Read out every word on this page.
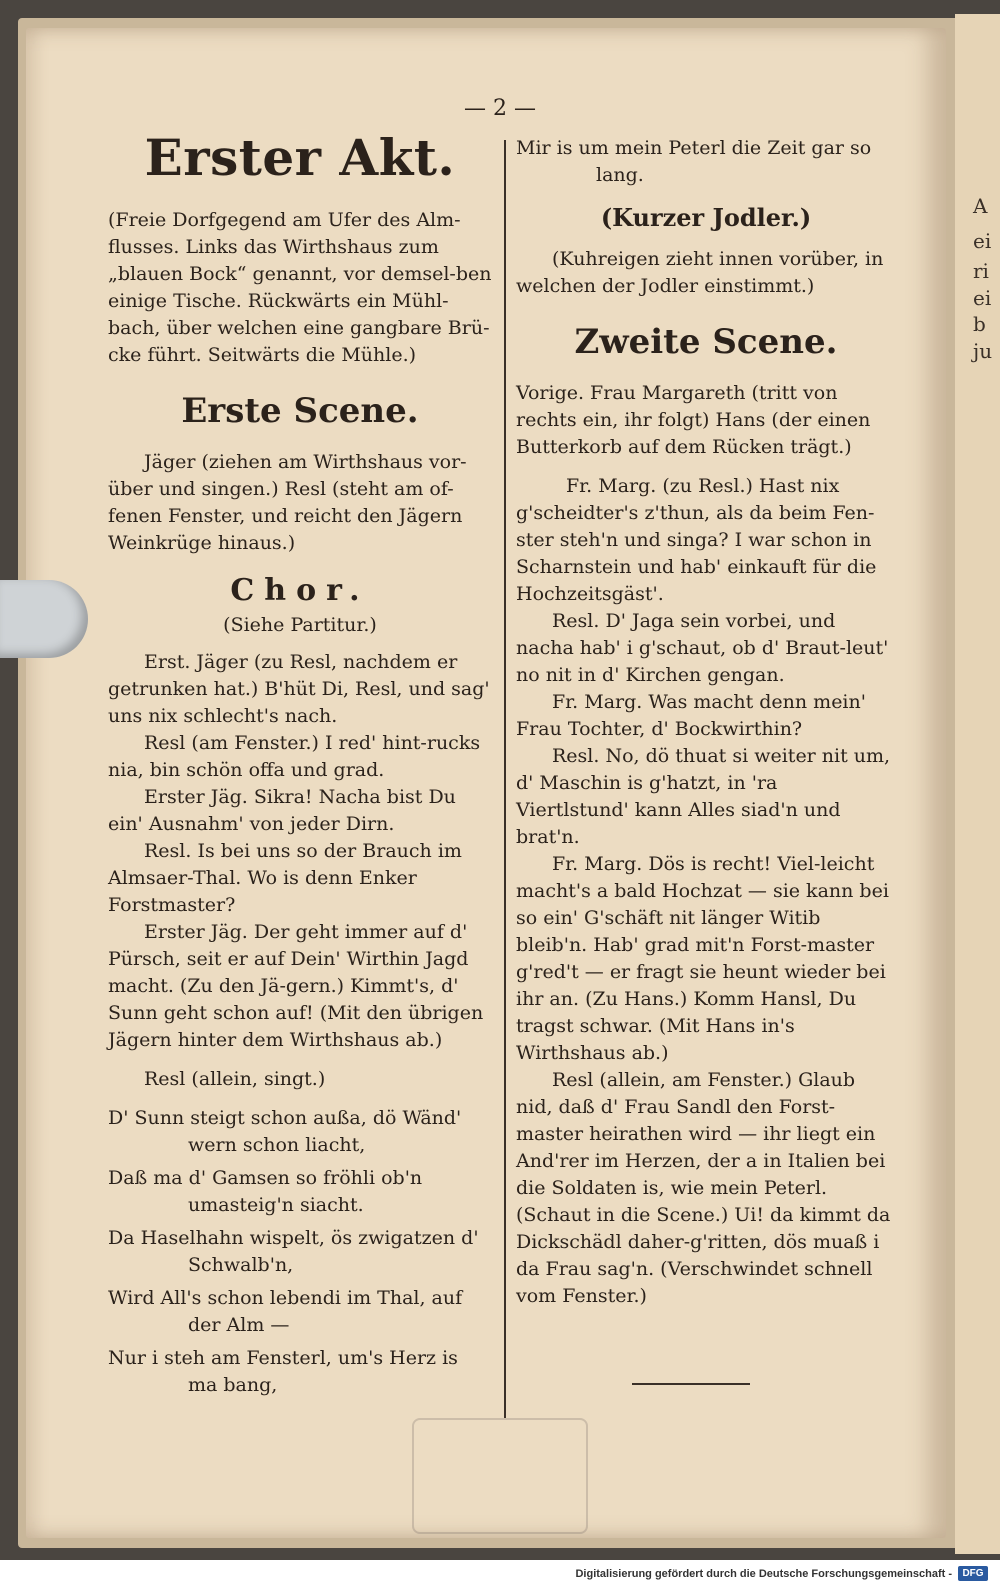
A
ei
ri
ei
b
ju
— 2 —
Erster Akt.

(Freie Dorfgegend am Ufer des Alm-flusses. Links das Wirthshaus zum „blauen Bock“ genannt, vor demsel-ben einige Tische. Rückwärts ein Mühl-bach, über welchen eine gangbare Brü-cke führt. Seitwärts die Mühle.)

Erste Scene.

Jäger (ziehen am Wirthshaus vor-über und singen.) Resl (steht am of-fenen Fenster, und reicht den Jägern Weinkrüge hinaus.)

Chor.

(Siehe Partitur.)

Erst. Jäger (zu Resl, nachdem er getrunken hat.) B'hüt Di, Resl, und sag' uns nix schlecht's nach.

Resl (am Fenster.) I red' hint-rucks nia, bin schön offa und grad.

Erster Jäg. Sikra! Nacha bist Du ein' Ausnahm' von jeder Dirn.

Resl. Is bei uns so der Brauch im Almsaer-Thal. Wo is denn Enker Forstmaster?

Erster Jäg. Der geht immer auf d' Pürsch, seit er auf Dein' Wirthin Jagd macht. (Zu den Jä-gern.) Kimmt's, d' Sunn geht schon auf! (Mit den übrigen Jägern hinter dem Wirthshaus ab.)

Resl (allein, singt.)

D' Sunn steigt schon außa, dö Wänd' wern schon liacht,

Daß ma d' Gamsen so fröhli ob'n umasteig'n siacht.

Da Haselhahn wispelt, ös zwigatzen d' Schwalb'n,

Wird All's schon lebendi im Thal, auf der Alm —

Nur i steh am Fensterl, um's Herz is ma bang,

Mir is um mein Peterl die Zeit gar so lang.

(Kurzer Jodler.)

(Kuhreigen zieht innen vorüber, in welchen der Jodler einstimmt.)

Zweite Scene.

Vorige. Frau Margareth (tritt von rechts ein, ihr folgt) Hans (der einen Butterkorb auf dem Rücken trägt.)

Fr. Marg. (zu Resl.) Hast nix g'scheidter's z'thun, als da beim Fen-ster steh'n und singa? I war schon in Scharnstein und hab' einkauft für die Hochzeitsgäst'.

Resl. D' Jaga sein vorbei, und nacha hab' i g'schaut, ob d' Braut-leut' no nit in d' Kirchen gengan.

Fr. Marg. Was macht denn mein' Frau Tochter, d' Bockwirthin?

Resl. No, dö thuat si weiter nit um, d' Maschin is g'hatzt, in 'ra Viertlstund' kann Alles siad'n und brat'n.

Fr. Marg. Dös is recht! Viel-leicht macht's a bald Hochzat — sie kann bei so ein' G'schäft nit länger Witib bleib'n. Hab' grad mit'n Forst-master g'red't — er fragt sie heunt wieder bei ihr an. (Zu Hans.) Komm Hansl, Du tragst schwar. (Mit Hans in's Wirthshaus ab.)

Resl (allein, am Fenster.) Glaub nid, daß d' Frau Sandl den Forst-master heirathen wird — ihr liegt ein And'rer im Herzen, der a in Italien bei die Soldaten is, wie mein Peterl. (Schaut in die Scene.) Ui! da kimmt da Dickschädl daher-g'ritten, dös muaß i da Frau sag'n. (Verschwindet schnell vom Fenster.)

Digitalisierung gefördert durch die Deutsche Forschungsgemeinschaft -	DFG
